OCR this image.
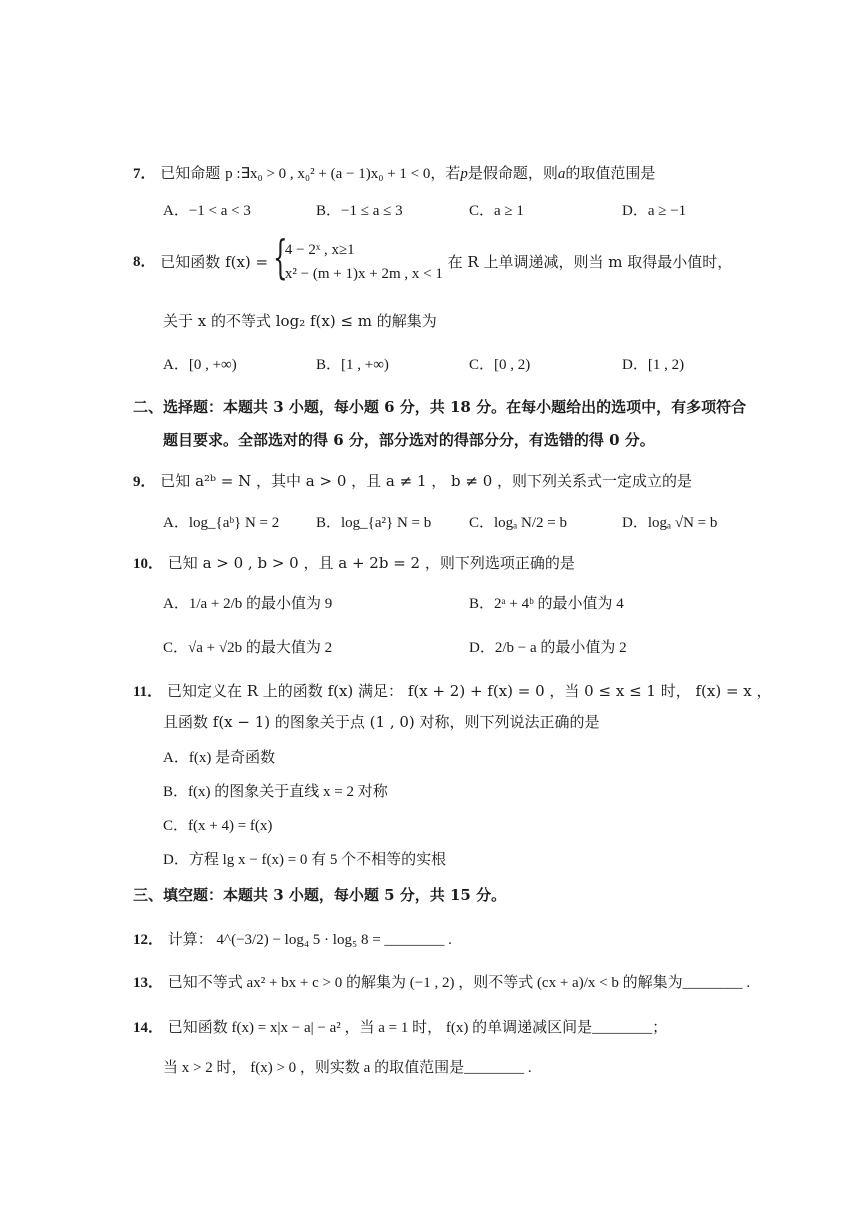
7． 已知命题 p :∃x₀ > 0 , x₀² + (a − 1)x₀ + 1 < 0，若p是假命题，则a的取值范围是
A．−1 < a < 3	B．−1 ≤ a ≤ 3	C．a ≥ 1	D．a ≥ −1
8． 已知函数 f(x) = {
4 − 2ˣ , x≥1
x² − (m + 1)x + 2m , x < 1
在 R 上单调递减，则当 m 取得最小值时，
关于 x 的不等式 log₂ f(x) ≤ m 的解集为
A．[0 , +∞)	B．[1 , +∞)	C．[0 , 2)	D．[1 , 2)
二、选择题：本题共 3 小题，每小题 6 分，共 18 分。在每小题给出的选项中，有多项符合
题目要求。全部选对的得 6 分，部分选对的得部分分，有选错的得 0 分。
9． 已知 a²ᵇ = N ，其中 a > 0 ，且 a ≠ 1 ， b ≠ 0 ，则下列关系式一定成立的是
A．log_{aᵇ} N = 2 B．log_{a²} N = b	C．logₐ N/2 = b	D．logₐ √N = b
10． 已知 a > 0 , b > 0 ，且 a + 2b = 2 ，则下列选项正确的是
A．1/a + 2/b 的最小值为 9	B．2ᵃ + 4ᵇ 的最小值为 4
C．√a + √2b 的最大值为 2	D．2/b − a 的最小值为 2
11． 已知定义在 R 上的函数 f(x) 满足： f(x + 2) + f(x) = 0 ，当 0 ≤ x ≤ 1 时， f(x) = x ，
且函数 f(x − 1) 的图象关于点 (1 , 0) 对称，则下列说法正确的是
A．f(x) 是奇函数
B．f(x) 的图象关于直线 x = 2 对称
C．f(x + 4) = f(x)
D．方程 lg x − f(x) = 0 有 5 个不相等的实根
三、填空题：本题共 3 小题，每小题 5 分，共 15 分。
12． 计算： 4^(−3/2) − log₄ 5 · log₅ 8 = ________ .
13． 已知不等式 ax² + bx + c > 0 的解集为 (−1 , 2) ，则不等式 (cx + a)/x < b 的解集为________ .
14． 已知函数 f(x) = x|x − a| − a² ，当 a = 1 时， f(x) 的单调递减区间是________；
当 x > 2 时， f(x) > 0 ，则实数 a 的取值范围是________ .
